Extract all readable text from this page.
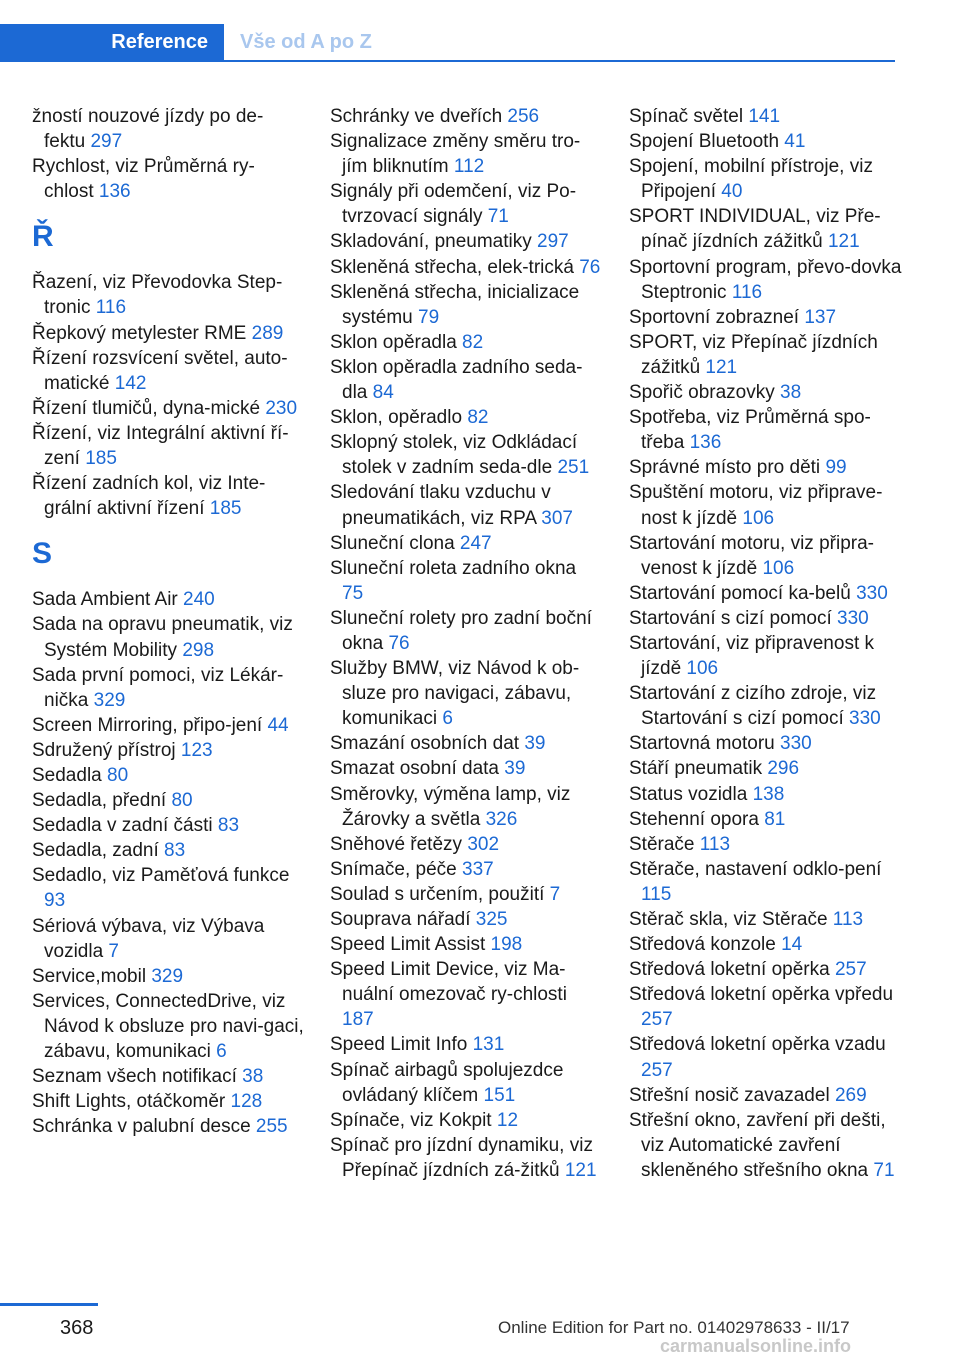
Reference	Vše od A po Z
žností nouzové jízdy po de‐fektu 297
Rychlost, viz Průměrná ry‐chlost 136
Ř
Řazení, viz Převodovka Step‐tronic 116
Řepkový metylester RME 289
Řízení rozsvícení světel, auto‐matické 142
Řízení tlumičů, dyna‐mické 230
Řízení, viz Integrální aktivní ří‐zení 185
Řízení zadních kol, viz Inte‐grální aktivní řízení 185
S
Sada Ambient Air 240
Sada na opravu pneumatik, viz Systém Mobility 298
Sada první pomoci, viz Lékár‐nička 329
Screen Mirroring, připo‐jení 44
Sdružený přístroj 123
Sedadla 80
Sedadla, přední 80
Sedadla v zadní části 83
Sedadla, zadní 83
Sedadlo, viz Paměťová funkce 93
Sériová výbava, viz Výbava vozidla 7
Service,mobil 329
Services, ConnectedDrive, viz Návod k obsluze pro navi‐gaci, zábavu, komunikaci 6
Seznam všech notifikací 38
Shift Lights, otáčkoměr 128
Schránka v palubní desce 255
Schránky ve dveřích 256
Signalizace změny směru tro‐jím bliknutím 112
Signály při odemčení, viz Po‐tvrzovací signály 71
Skladování, pneumatiky 297
Skleněná střecha, elek‐trická 76
Skleněná střecha, inicializace systému 79
Sklon opěradla 82
Sklon opěradla zadního seda‐dla 84
Sklon, opěradlo 82
Sklopný stolek, viz Odkládací stolek v zadním seda‐dle 251
Sledování tlaku vzduchu v pneumatikách, viz RPA 307
Sluneční clona 247
Sluneční roleta zadního okna 75
Sluneční rolety pro zadní boční okna 76
Služby BMW, viz Návod k ob‐sluze pro navigaci, zábavu, komunikaci 6
Smazání osobních dat 39
Smazat osobní data 39
Směrovky, výměna lamp, viz Žárovky a světla 326
Sněhové řetězy 302
Snímače, péče 337
Soulad s určením, použití 7
Souprava nářadí 325
Speed Limit Assist 198
Speed Limit Device, viz Ma‐nuální omezovač ry‐chlosti 187
Speed Limit Info 131
Spínač airbagů spolujezdce ovládaný klíčem 151
Spínače, viz Kokpit 12
Spínač pro jízdní dynamiku, viz Přepínač jízdních zá‐žitků 121
Spínač světel 141
Spojení Bluetooth 41
Spojení, mobilní přístroje, viz Připojení 40
SPORT INDIVIDUAL, viz Pře‐pínač jízdních zážitků 121
Sportovní program, převo‐dovka Steptronic 116
Sportovní zobrazneí 137
SPORT, viz Přepínač jízdních zážitků 121
Spořič obrazovky 38
Spotřeba, viz Průměrná spo‐třeba 136
Správné místo pro děti 99
Spuštění motoru, viz připrave‐nost k jízdě 106
Startování motoru, viz připra‐venost k jízdě 106
Startování pomocí ka‐belů 330
Startování s cizí pomocí 330
Startování, viz připravenost k jízdě 106
Startování z cizího zdroje, viz Startování s cizí pomocí 330
Startovná motoru 330
Stáří pneumatik 296
Status vozidla 138
Stehenní opora 81
Stěrače 113
Stěrače, nastavení odklo‐pení 115
Stěrač skla, viz Stěrače 113
Středová konzole 14
Středová loketní opěrka 257
Středová loketní opěrka vpředu 257
Středová loketní opěrka vzadu 257
Střešní nosič zavazadel 269
Střešní okno, zavření při dešti, viz Automatické zavření skleněného střešního okna 71
368	Online Edition for Part no. 01402978633 - II/17
carmanualsonline.info
